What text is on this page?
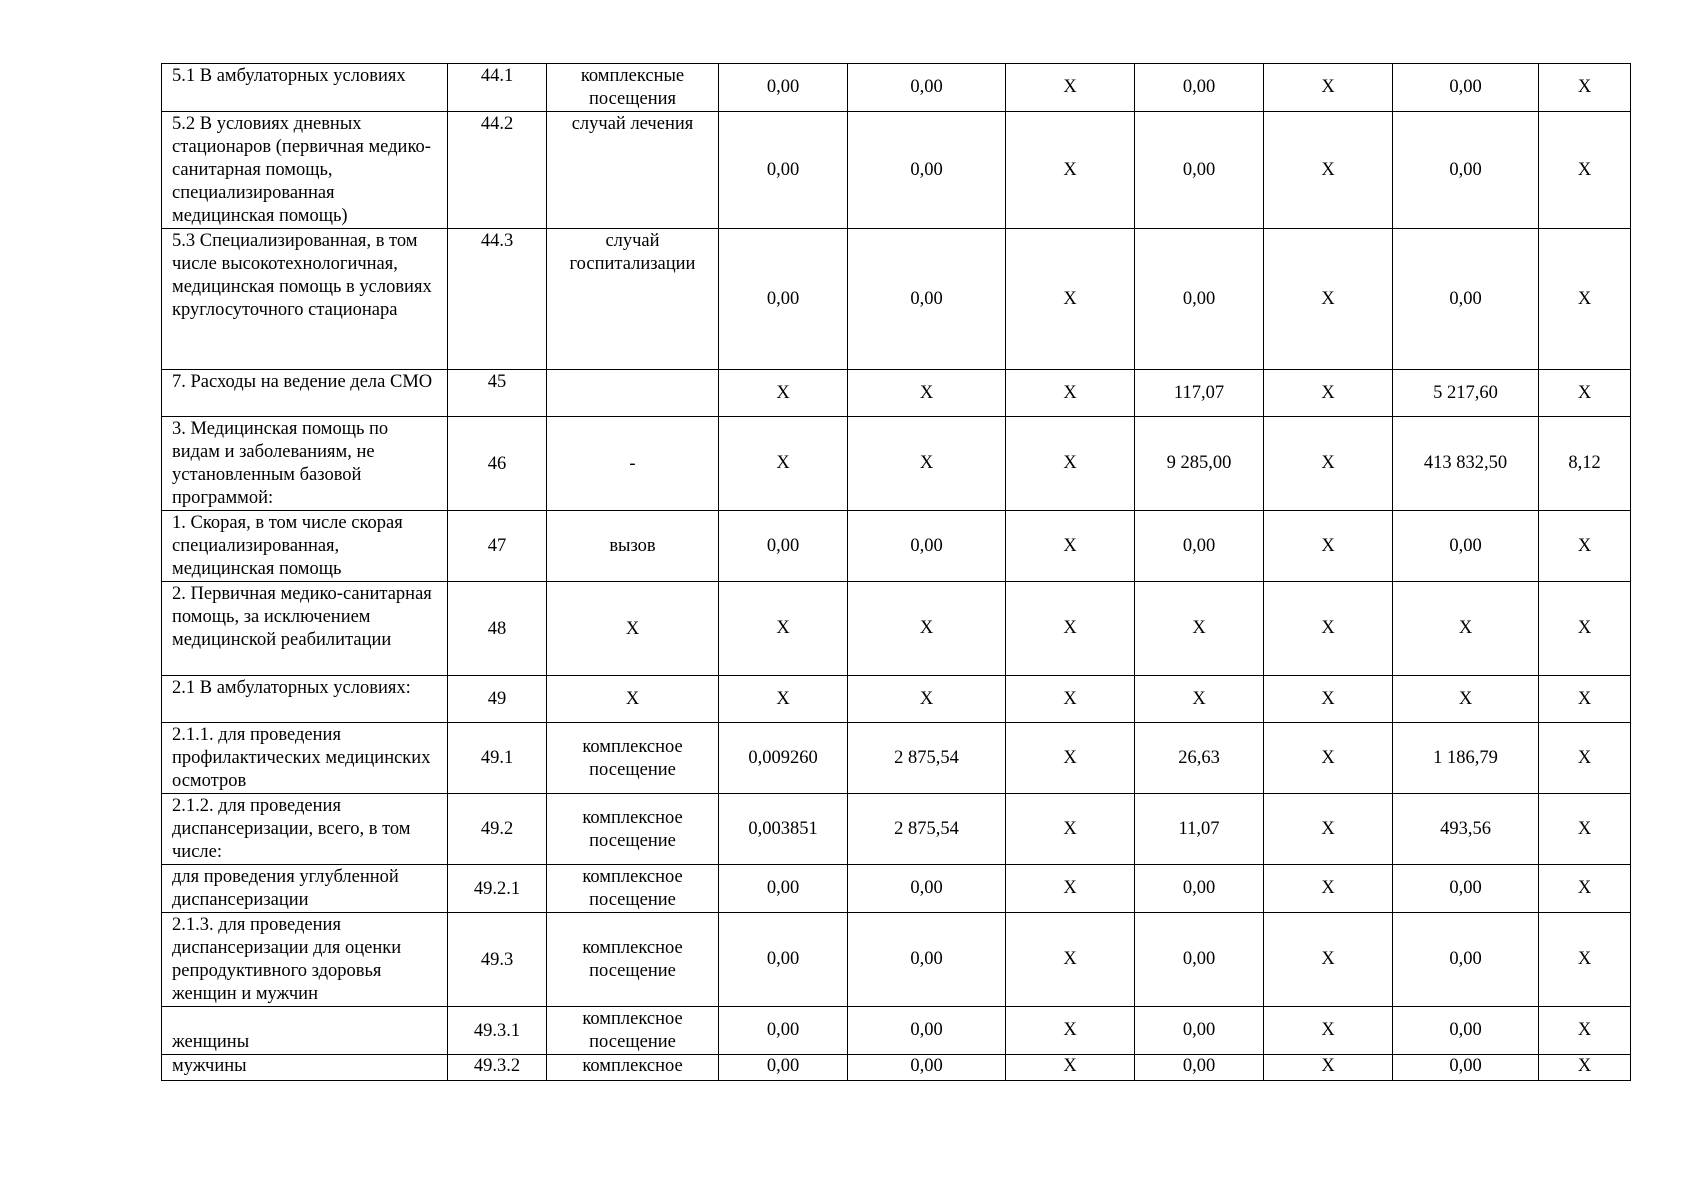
5.1 В амбулаторных условиях	44.1	комплексные посещения	0,00	0,00	Х	0,00	Х	0,00	Х
5.2 В условиях дневных стационаров (первичная медико-санитарная помощь, специализированная медицинская помощь)	44.2	случай лечения	0,00	0,00	Х	0,00	Х	0,00	Х
5.3 Специализированная, в том числе высокотехнологичная, медицинская помощь в условиях круглосуточного стационара	44.3	случай госпитализации	0,00	0,00	Х	0,00	Х	0,00	Х
7. Расходы на ведение дела СМО	45		Х	Х	Х	117,07	Х	5 217,60	Х
3. Медицинская помощь по видам и заболеваниям, не установленным базовой программой:	46	-	Х	Х	Х	9 285,00	Х	413 832,50	8,12
1. Скорая, в том числе скорая специализированная, медицинская помощь	47	вызов	0,00	0,00	Х	0,00	Х	0,00	Х
2. Первичная медико-санитарная помощь, за исключением медицинской реабилитации	48	Х	Х	Х	Х	Х	Х	Х	Х
2.1 В амбулаторных условиях:	49	Х	Х	Х	Х	Х	Х	Х	Х
2.1.1. для проведения профилактических медицинских осмотров	49.1	комплексное посещение	0,009260	2 875,54	Х	26,63	Х	1 186,79	Х
2.1.2. для проведения диспансеризации, всего, в том числе:	49.2	комплексное посещение	0,003851	2 875,54	Х	11,07	Х	493,56	Х
для проведения углубленной диспансеризации	49.2.1	комплексное посещение	0,00	0,00	Х	0,00	Х	0,00	Х
2.1.3. для проведения диспансеризации для оценки репродуктивного здоровья женщин и мужчин	49.3	комплексное посещение	0,00	0,00	Х	0,00	Х	0,00	Х
женщины	49.3.1	комплексное посещение	0,00	0,00	Х	0,00	Х	0,00	Х
мужчины	49.3.2	комплексное	0,00	0,00	Х	0,00	Х	0,00	Х
